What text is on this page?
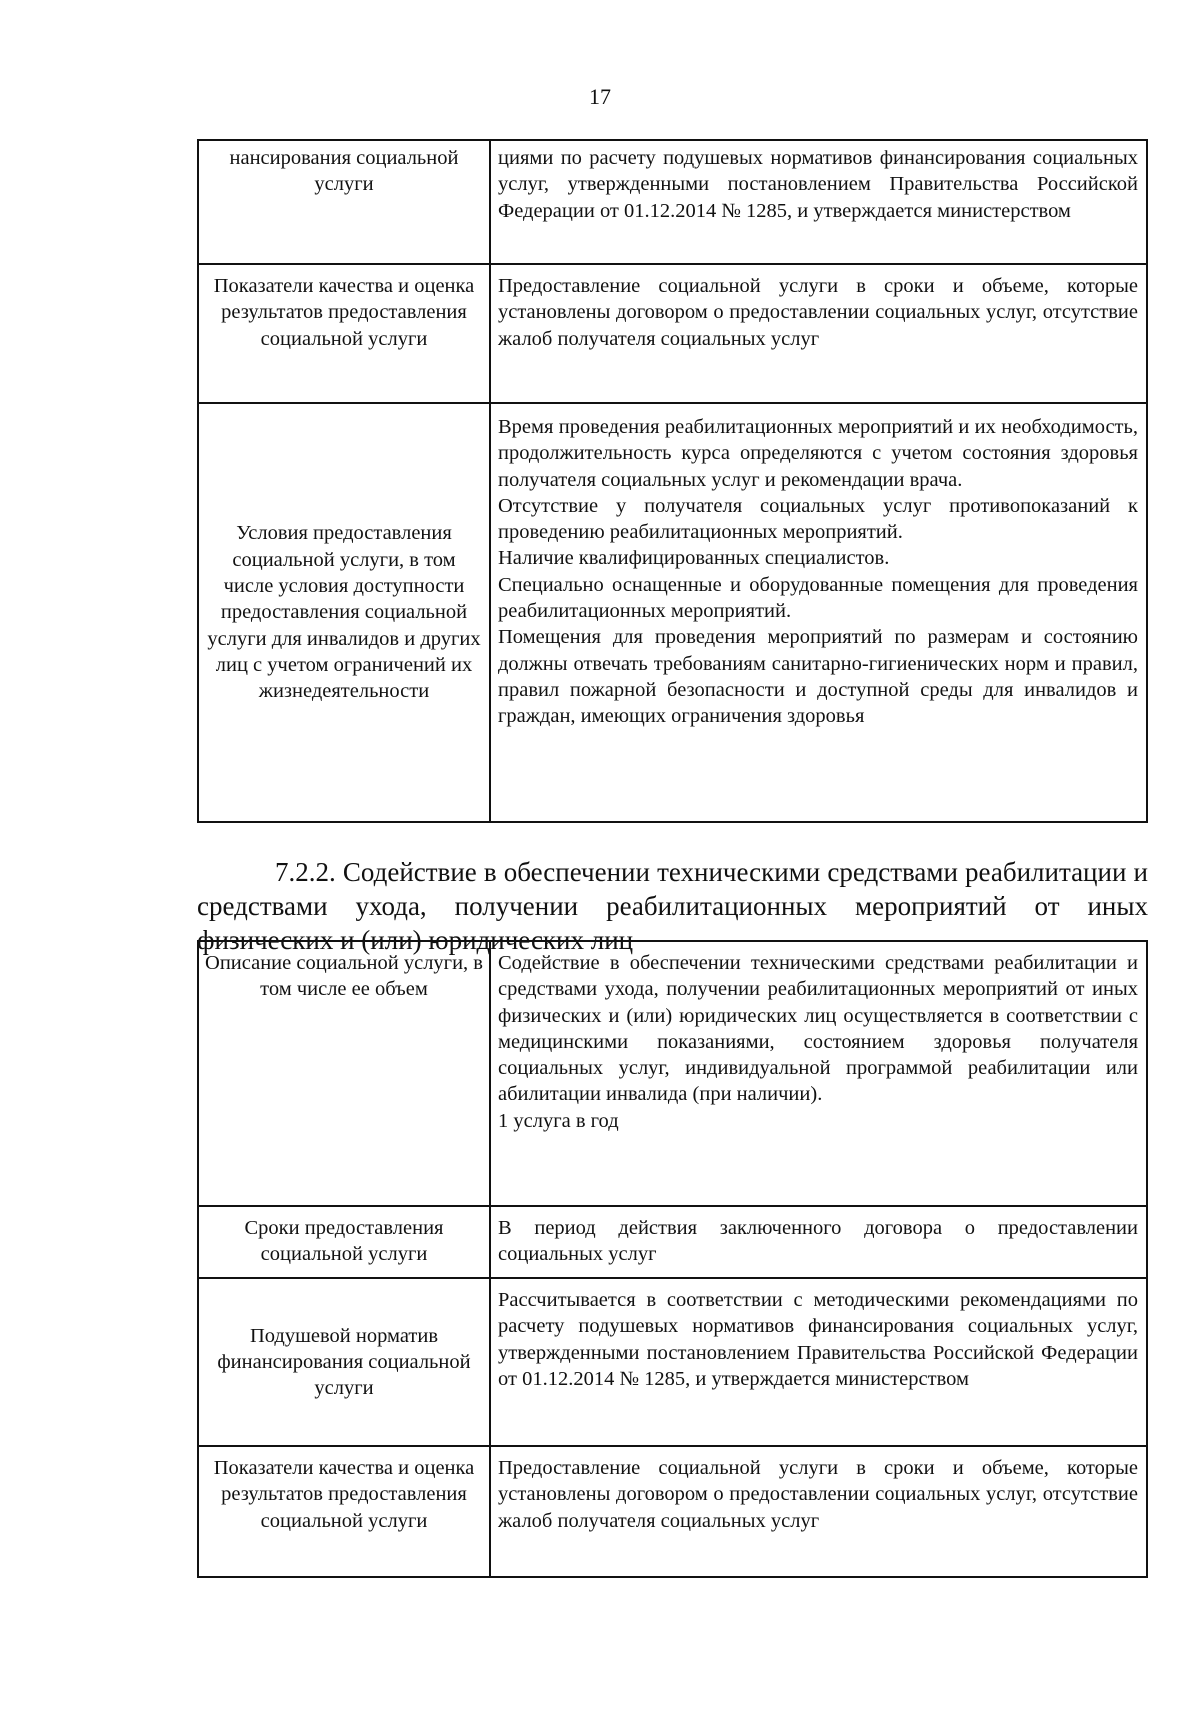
17
нансирования социальной услуги	циями по расчету подушевых нормативов финансирования социальных услуг, утвержденными постановлением Правительства Российской Федерации от 01.12.2014 № 1285, и утверждается министерством

Показатели качества и оценка результатов предоставления социальной услуги	Предоставление социальной услуги в сроки и объеме, которые установлены договором о предоставлении социальных услуг, отсутствие жалоб получателя социальных услуг

Условия предоставления социальной услуги, в том числе условия доступности предоставления социальной услуги для инвалидов и других лиц с учетом ограничений их жизнедеятельности	Время проведения реабилитационных мероприятий и их необходимость, продолжительность курса определяются с учетом состояния здоровья получателя социальных услуг и рекомендации врача.
Отсутствие у получателя социальных услуг противопоказаний к проведению реабилитационных мероприятий.
Наличие квалифицированных специалистов.
Специально оснащенные и оборудованные помещения для проведения реабилитационных мероприятий.
Помещения для проведения мероприятий по размерам и состоянию должны отвечать требованиям санитарно-гигиенических норм и правил, правил пожарной безопасности и доступной среды для инвалидов и граждан, имеющих ограничения здоровья
7.2.2. Содействие в обеспечении техническими средствами реабилитации и средствами ухода, получении реабилитационных мероприятий от иных физических и (или) юридических лиц
Описание социальной услуги, в том числе ее объем	Содействие в обеспечении техническими средствами реабилитации и средствами ухода, получении реабилитационных мероприятий от иных физических и (или) юридических лиц осуществляется в соответствии с медицинскими показаниями, состоянием здоровья получателя социальных услуг, индивидуальной программой реабилитации или абилитации инвалида (при наличии).
1 услуга в год

Сроки предоставления социальной услуги	В период действия заключенного договора о предоставлении социальных услуг

Подушевой норматив финансирования социальной услуги	Рассчитывается в соответствии с методическими рекомендациями по расчету подушевых нормативов финансирования социальных услуг, утвержденными постановлением Правительства Российской Федерации от 01.12.2014 № 1285, и утверждается министерством

Показатели качества и оценка результатов предоставления социальной услуги	Предоставление социальной услуги в сроки и объеме, которые установлены договором о предоставлении социальных услуг, отсутствие жалоб получателя социальных услуг
